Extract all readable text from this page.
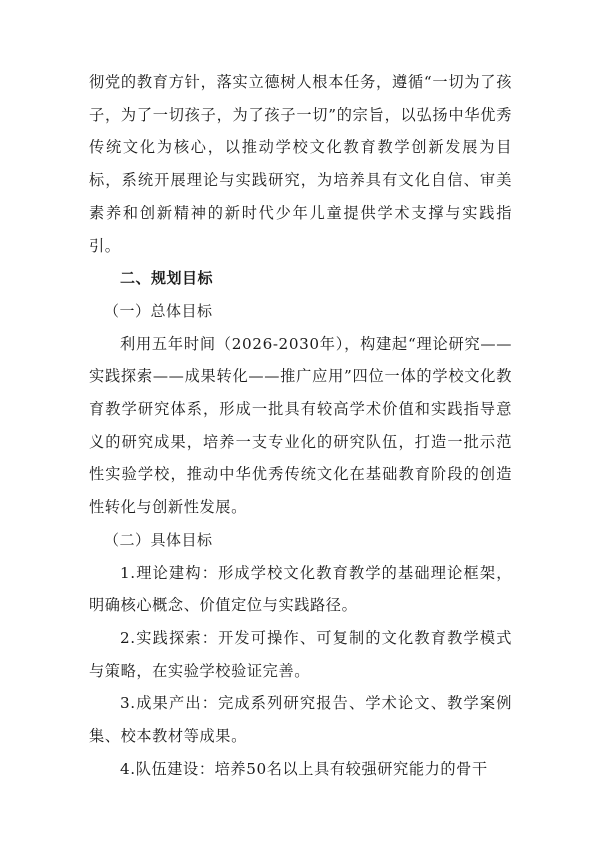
彻党的教育方针，落实立德树人根本任务，遵循“一切为了孩子，为了一切孩子，为了孩子一切”的宗旨，以弘扬中华优秀传统文化为核心，以推动学校文化教育教学创新发展为目标，系统开展理论与实践研究，为培养具有文化自信、审美素养和创新精神的新时代少年儿童提供学术支撑与实践指引。

二、规划目标

（一）总体目标

利用五年时间（2026-2030年），构建起“理论研究——实践探索——成果转化——推广应用”四位一体的学校文化教育教学研究体系，形成一批具有较高学术价值和实践指导意义的研究成果，培养一支专业化的研究队伍，打造一批示范性实验学校，推动中华优秀传统文化在基础教育阶段的创造性转化与创新性发展。

（二）具体目标

1.理论建构：形成学校文化教育教学的基础理论框架，明确核心概念、价值定位与实践路径。

2.实践探索：开发可操作、可复制的文化教育教学模式与策略，在实验学校验证完善。

3.成果产出：完成系列研究报告、学术论文、教学案例集、校本教材等成果。

4.队伍建设：培养50名以上具有较强研究能力的骨干
